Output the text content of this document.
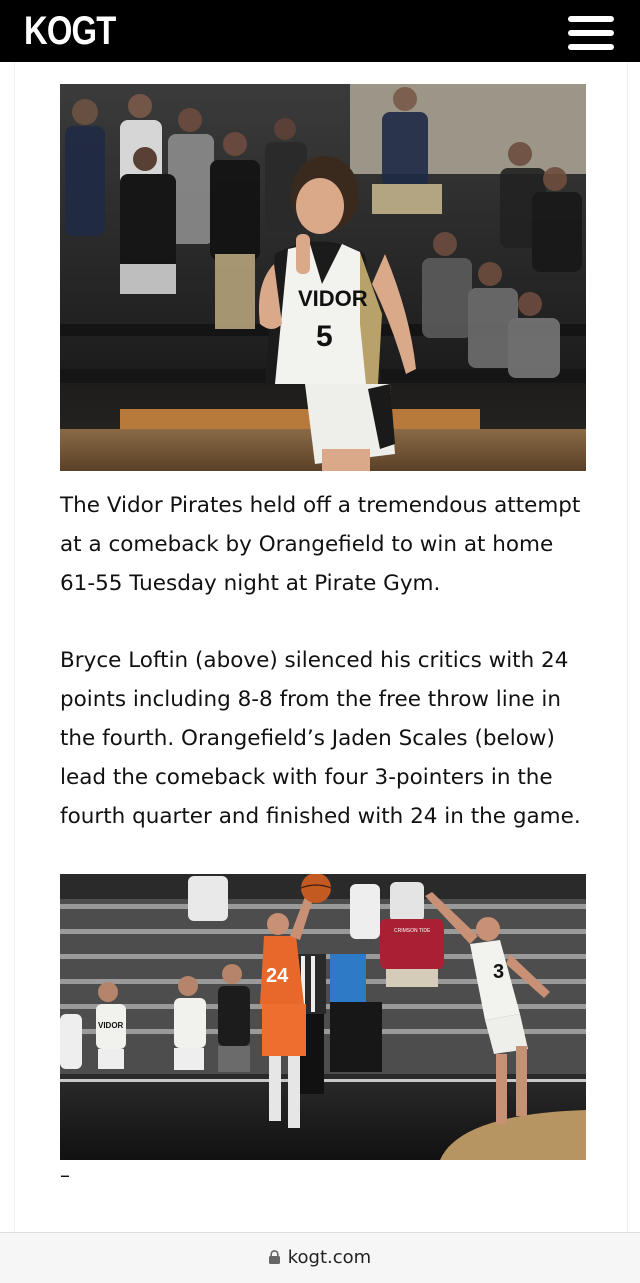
KOGT
VIDOR
5
The Vidor Pirates held off a tremendous attempt at a comeback by Orangefield to win at home 61-55 Tuesday night at Pirate Gym.
Bryce Loftin (above) silenced his critics with 24 points including 8-8 from the free throw line in the fourth. Orangefield’s Jaden Scales (below) lead the comeback with four 3-pointers in the fourth quarter and finished with 24 in the game.
VIDOR
CRIMSON TIDE
24	3
–
kogt.com
